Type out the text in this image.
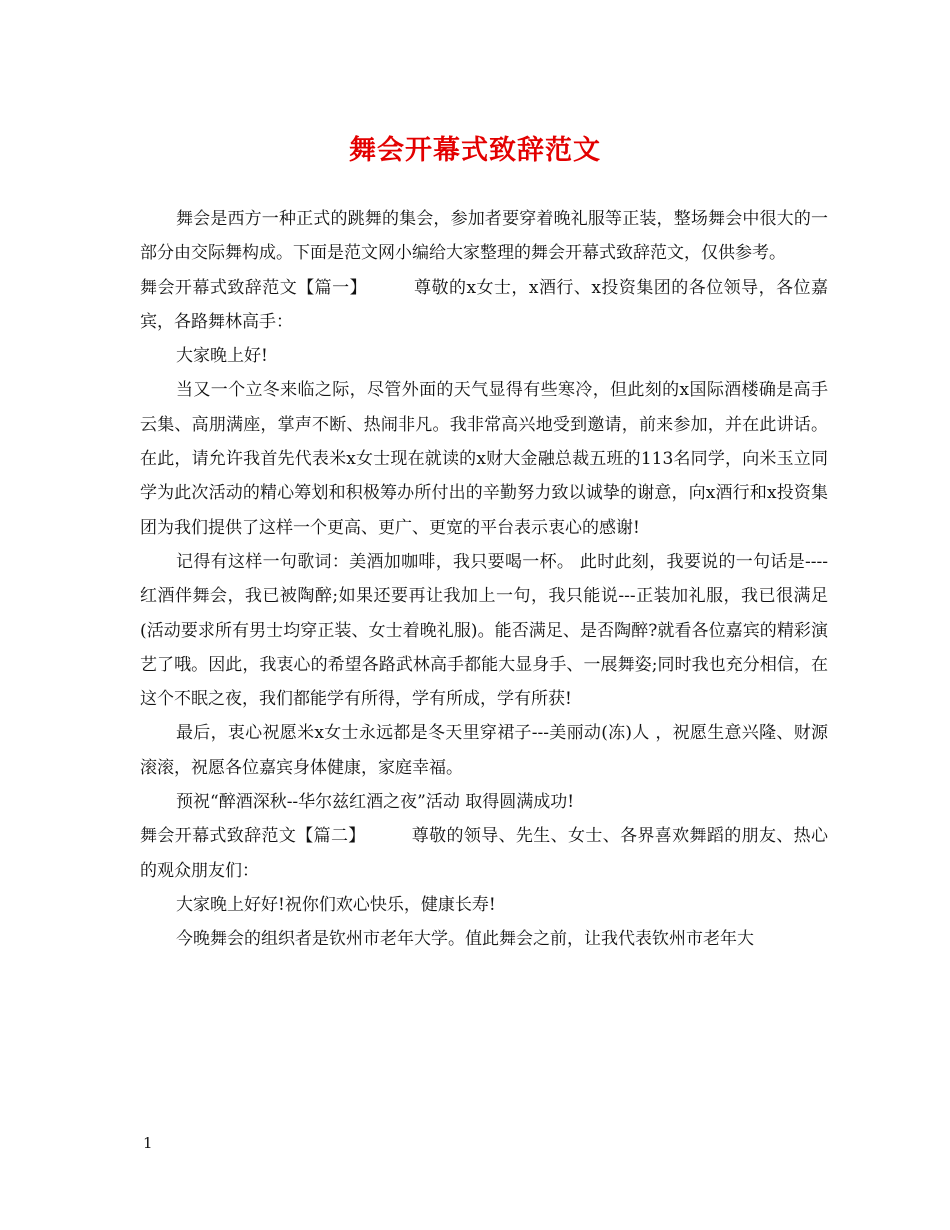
舞会开幕式致辞范文

舞会是西方一种正式的跳舞的集会，参加者要穿着晚礼服等正装，整场舞会中很大的一部分由交际舞构成。下面是范文网小编给大家整理的舞会开幕式致辞范文，仅供参考。

舞会开幕式致辞范文【篇一】	尊敬的x女士，x酒行、x投资集团的各位领导，各位嘉宾，各路舞林高手：

大家晚上好!

当又一个立冬来临之际，尽管外面的天气显得有些寒冷，但此刻的x国际酒楼确是高手云集、高朋满座，掌声不断、热闹非凡。我非常高兴地受到邀请，前来参加，并在此讲话。在此，请允许我首先代表米x女士现在就读的x财大金融总裁五班的113名同学，向米玉立同学为此次活动的精心筹划和积极筹办所付出的辛勤努力致以诚挚的谢意，向x酒行和x投资集团为我们提供了这样一个更高、更广、更宽的平台表示衷心的感谢!

记得有这样一句歌词：美酒加咖啡，我只要喝一杯。 此时此刻，我要说的一句话是----红酒伴舞会，我已被陶醉;如果还要再让我加上一句，我只能说---正装加礼服，我已很满足(活动要求所有男士均穿正装、女士着晚礼服)。能否满足、是否陶醉?就看各位嘉宾的精彩演艺了哦。因此，我衷心的希望各路武林高手都能大显身手、一展舞姿;同时我也充分相信，在这个不眠之夜，我们都能学有所得，学有所成，学有所获!

最后，衷心祝愿米x女士永远都是冬天里穿裙子---美丽动(冻)人 ，祝愿生意兴隆、财源滚滚，祝愿各位嘉宾身体健康，家庭幸福。

预祝“醉酒深秋--华尔兹红酒之夜”活动 取得圆满成功!

舞会开幕式致辞范文【篇二】	尊敬的领导、先生、女士、各界喜欢舞蹈的朋友、热心的观众朋友们：

大家晚上好好!祝你们欢心快乐，健康长寿!

今晚舞会的组织者是钦州市老年大学。值此舞会之前，让我代表钦州市老年大

1
